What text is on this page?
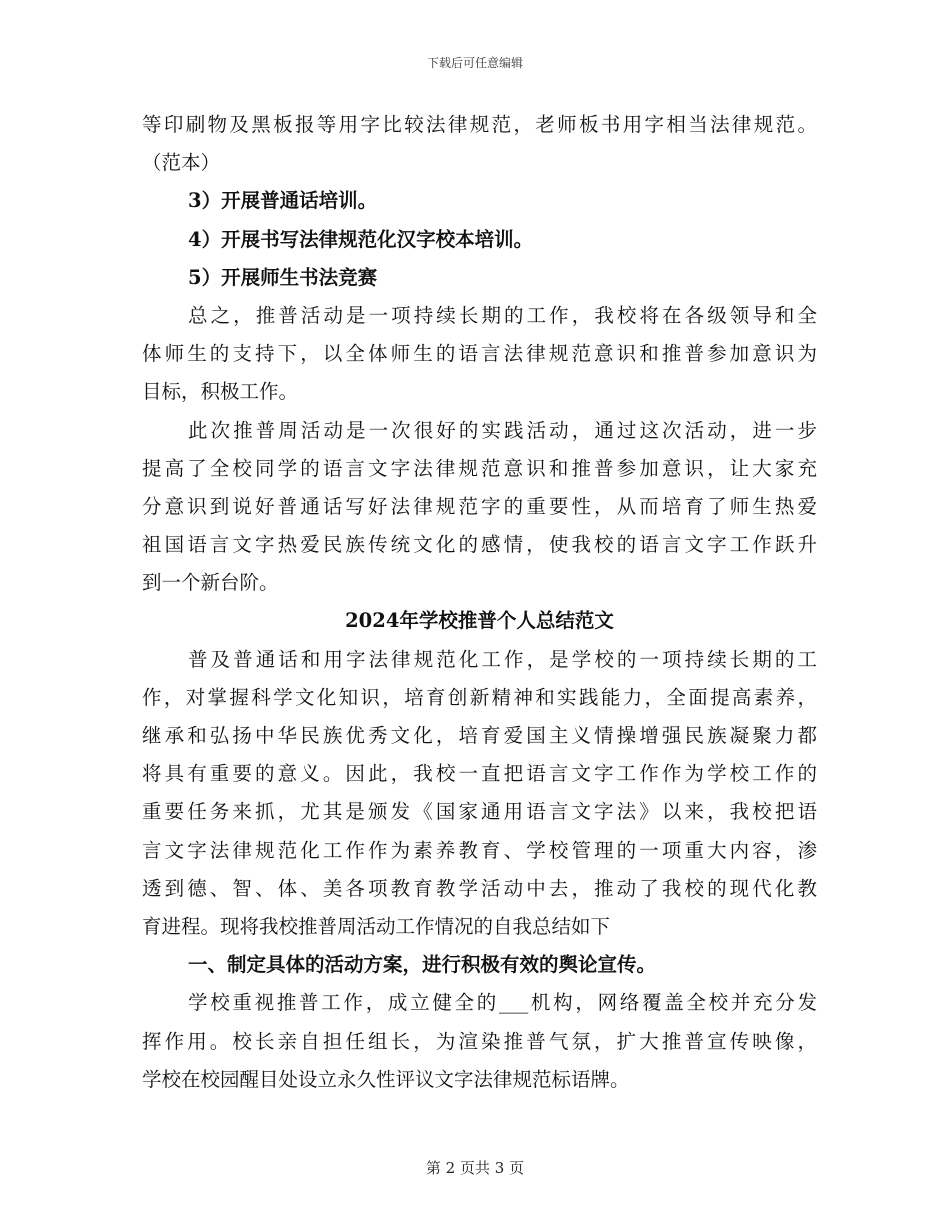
下载后可任意编辑
等印刷物及黑板报等用字比较法律规范，老师板书用字相当法律规范。
（范本）
3）开展普通话培训。
4）开展书写法律规范化汉字校本培训。
5）开展师生书法竞赛
总之，推普活动是一项持续长期的工作，我校将在各级领导和全
体师生的支持下，以全体师生的语言法律规范意识和推普参加意识为
目标，积极工作。
此次推普周活动是一次很好的实践活动，通过这次活动，进一步
提高了全校同学的语言文字法律规范意识和推普参加意识，让大家充
分意识到说好普通话写好法律规范字的重要性，从而培育了师生热爱
祖国语言文字热爱民族传统文化的感情，使我校的语言文字工作跃升
到一个新台阶。
2024年学校推普个人总结范文
普及普通话和用字法律规范化工作，是学校的一项持续长期的工
作，对掌握科学文化知识，培育创新精神和实践能力，全面提高素养，
继承和弘扬中华民族优秀文化，培育爱国主义情操增强民族凝聚力都
将具有重要的意义。因此，我校一直把语言文字工作作为学校工作的
重要任务来抓，尤其是颁发《国家通用语言文字法》以来，我校把语
言文字法律规范化工作作为素养教育、学校管理的一项重大内容，渗
透到德、智、体、美各项教育教学活动中去，推动了我校的现代化教
育进程。现将我校推普周活动工作情况的自我总结如下
一、制定具体的活动方案，进行积极有效的舆论宣传。
学校重视推普工作，成立健全的___机构，网络覆盖全校并充分发
挥作用。校长亲自担任组长，为渲染推普气氛，扩大推普宣传映像，
学校在校园醒目处设立永久性评议文字法律规范标语牌。
第 2 页共 3 页
